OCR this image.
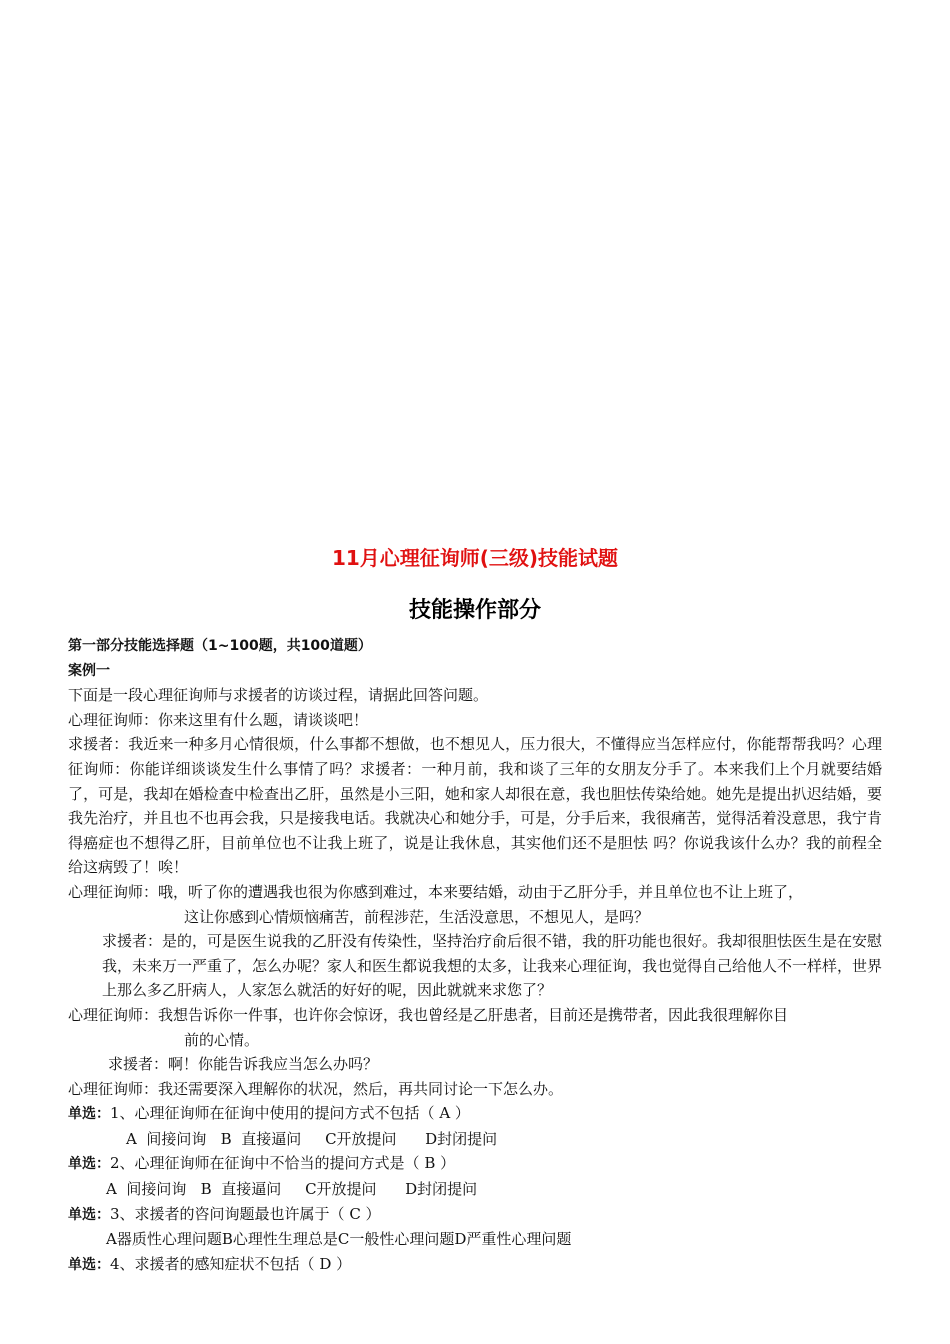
11月心理征询师(三级)技能试题
技能操作部分
第一部分技能选择题（1~100题，共100道题）
案例一
下面是一段心理征询师与求援者的访谈过程，请据此回答问题。
心理征询师：你来这里有什么题，请谈谈吧！
求援者：我近来一种多月心情很烦，什么事都不想做，也不想见人，压力很大，不懂得应当怎样应付，你能帮帮我吗？心理征询师：你能详细谈谈发生什么事情了吗？求援者：一种月前，我和谈了三年的女朋友分手了。本来我们上个月就要结婚了，可是，我却在婚检查中检查出乙肝，虽然是小三阳，她和家人却很在意，我也胆怯传染给她。她先是提出扒迟结婚，要我先治疗，并且也不也再会我，只是接我电话。我就决心和她分手，可是，分手后来，我很痛苦，觉得活着没意思，我宁肯得癌症也不想得乙肝，目前单位也不让我上班了，说是让我休息，其实他们还不是胆怯 吗？你说我该什么办？我的前程全给这病毁了！唉！
心理征询师：哦，听了你的遭遇我也很为你感到难过，本来要结婚，动由于乙肝分手，并且单位也不让上班了，
这让你感到心情烦恼痛苦，前程涉茫，生活没意思，不想见人，是吗？
求援者：是的，可是医生说我的乙肝没有传染性，坚持治疗俞后很不错，我的肝功能也很好。我却很胆怯医生是在安慰我，未来万一严重了，怎么办呢？家人和医生都说我想的太多，让我来心理征询，我也觉得自己给他人不一样样，世界上那么多乙肝病人，人家怎么就活的好好的呢，因此就就来求您了？
心理征询师：我想告诉你一件事，也许你会惊讶，我也曾经是乙肝患者，目前还是携带者，因此我很理解你目
前的心情。
求援者：啊！你能告诉我应当怎么办吗？
心理征询师：我还需要深入理解你的状况，然后，再共同讨论一下怎么办。
单选：1、心理征询师在征询中使用的提问方式不包括（ A ）
A  间接问询   B  直接逼问     C开放提问      D封闭提问
单选：2、心理征询师在征询中不恰当的提问方式是（ B ）
A  间接问询   B  直接逼问     C开放提问      D封闭提问
单选：3、求援者的咨问询题最也许属于（ C ）
A器质性心理问题B心理性生理总是C一般性心理问题D严重性心理问题
单选：4、求援者的感知症状不包括（ D ）
